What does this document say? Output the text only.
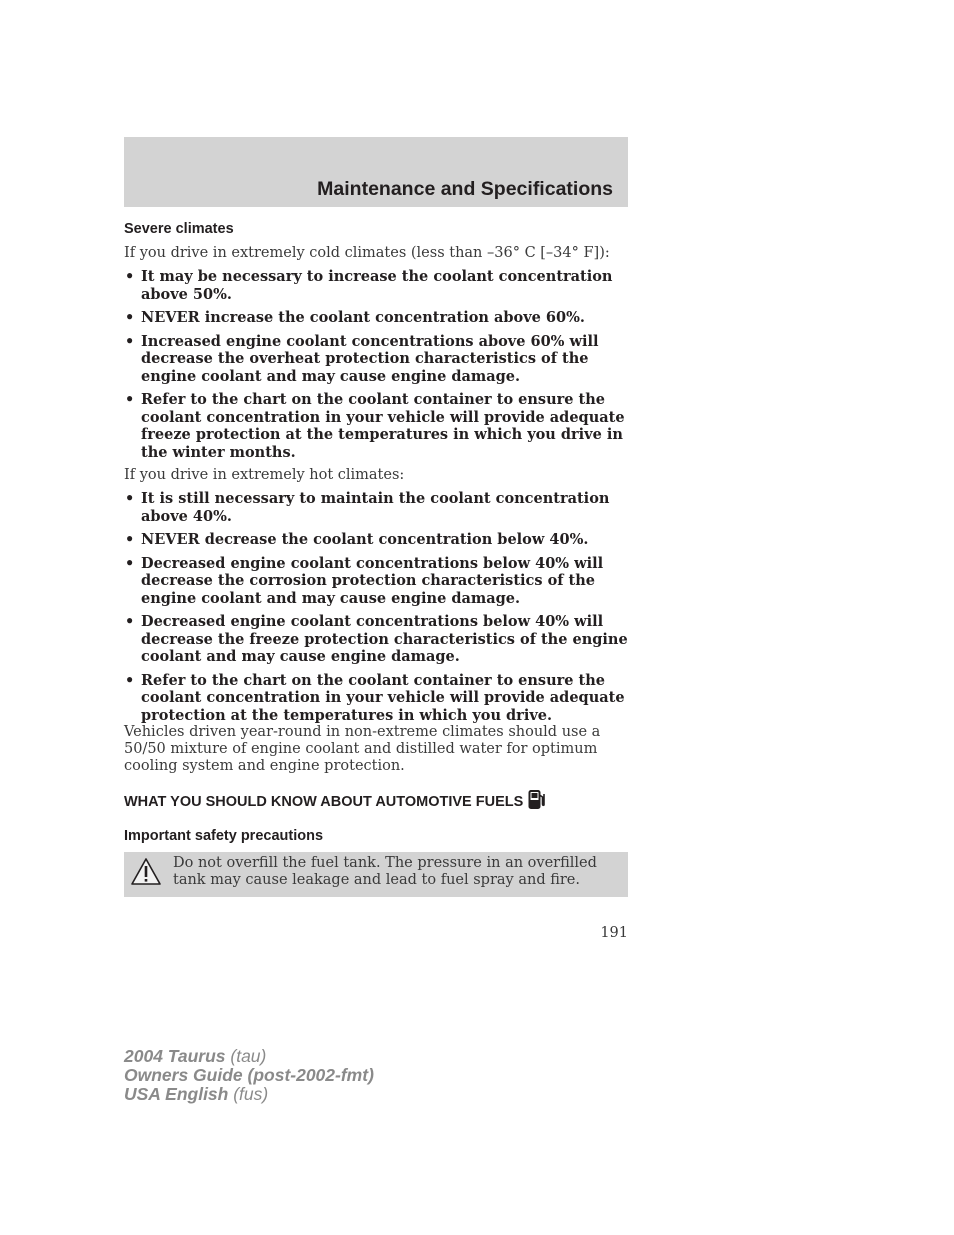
Maintenance and Specifications
Severe climates

If you drive in extremely cold climates (less than –36° C [–34° F]):

• It may be necessary to increase the coolant concentration above 50%.
• NEVER increase the coolant concentration above 60%.
• Increased engine coolant concentrations above 60% will decrease the overheat protection characteristics of the engine coolant and may cause engine damage.
• Refer to the chart on the coolant container to ensure the coolant concentration in your vehicle will provide adequate freeze protection at the temperatures in which you drive in the winter months.

If you drive in extremely hot climates:

• It is still necessary to maintain the coolant concentration above 40%.
• NEVER decrease the coolant concentration below 40%.
• Decreased engine coolant concentrations below 40% will decrease the corrosion protection characteristics of the engine coolant and may cause engine damage.
• Decreased engine coolant concentrations below 40% will decrease the freeze protection characteristics of the engine coolant and may cause engine damage.
• Refer to the chart on the coolant container to ensure the coolant concentration in your vehicle will provide adequate protection at the temperatures in which you drive.

Vehicles driven year-round in non-extreme climates should use a 50/50 mixture of engine coolant and distilled water for optimum cooling system and engine protection.

WHAT YOU SHOULD KNOW ABOUT AUTOMOTIVE FUELS
Important safety precautions
Do not overfill the fuel tank. The pressure in an overfilled tank may cause leakage and lead to fuel spray and fire.
191
2004 Taurus (tau)
Owners Guide (post-2002-fmt)
USA English (fus)
